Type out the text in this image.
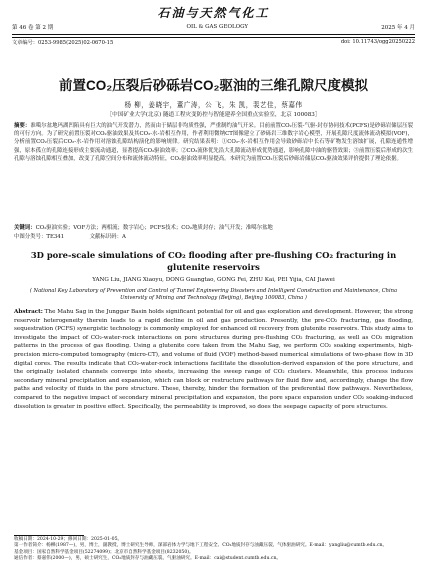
石油与天然气化工
第 46 卷 第 2 期	OIL & GAS GEOLOGY	2025 年 4 月
文章编号：0253-9985(2025)02-0670-15	doi: 10.11743/ogg20250222
前置CO₂压裂后砂砾岩CO₂驱油的三维孔隙尺度模拟
杨 柳，姜晓宇，董广涛，公 飞，朱 凯，裴艺佳，蔡嘉伟
［中国矿业大学(北京) 隧道工程灾变防控与智能建养全国重点实验室，北京 100083］
摘要：准噶尔盆地玛湖凹陷具有巨大的油气开发潜力，然而由于储层非均质性强，严重制约油气开采。目前前置CO₂压裂-气驱-封存协同技术(PCFS)是砂砾岩储层压裂的可行方向。为了研究前置压裂对CO₂驱油效果及其CO₂-水-岩相互作用，作者利用微纳CT图像建立了砂砾岩三维数字岩心模型，开展孔隙尺度流体流动模拟(VOF)，分析前置CO₂压裂后CO₂-水-岩作用对溶蚀孔隙结构演化的影响规律。研究结果表明：①CO₂-水-岩相互作用会导致砂砾岩中长石等矿物发生溶蚀扩展，孔隙连通性增强，原本孤立的孔隙连接形成主要流动通道，显著提高CO₂驱油效率；②CO₂流体优先沿大孔隙流动形成优势通道，影响孔隙中油的驱替效果；③前置压裂后形成的次生孔隙与溶蚀孔隙相互叠加，改变了孔隙空间分布和流体流动特征，CO₂驱油效率明显提高。本研究为前置CO₂压裂后砂砾岩储层CO₂驱油效果评价提供了理论依据。
关键词：CO₂驱油实验；VOF方法；两相流；数字岩心；PCFS技术；CO₂地质封存；油气开发；准噶尔盆地
中图分类号：TE341	文献标识码：A
3D pore-scale simulations of CO₂ flooding after pre-flushing CO₂ fracturing in glutenite reservoirs
YANG Liu, JIANG Xiaoyu, DONG Guangtao, GONG Fei, ZHU Kai, PEI Yijia, CAI Jiawei
( National Key Laboratory of Prevention and Control of Tunnel Engineering Disasters and Intelligent Construction and Maintenance, China University of Mining and Technology (Beijing), Beijing 100083, China )
Abstract: The Mahu Sag in the Junggar Basin holds significant potential for oil and gas exploration and development. However, the strong reservoir heterogeneity therein leads to a rapid decline in oil and gas production. Presently, the pre-CO₂ fracturing, gas flooding, sequestration (PCFS) synergistic technology is commonly employed for enhanced oil recovery from glutenite reservoirs. This study aims to investigate the impact of CO₂-water-rock interactions on pore structures during pre-flushing CO₂ fracturing, as well as CO₂ migration patterns in the process of gas flooding. Using a glutenite core taken from the Mahu Sag, we perform CO₂ soaking experiments, high-precision micro-computed tomography (micro-CT), and volume of fluid (VOF) method-based numerical simulations of two-phase flow in 3D digital cores. The results indicate that CO₂-water-rock interactions facilitate the dissolution-derived expansion of the pore structure, and the originally isolated channels converge into sheets, increasing the sweep range of CO₂ clusters. Meanwhile, this process induces secondary mineral precipitation and expansion, which can block or restructure pathways for fluid flow and, accordingly, change the flow paths and velocity of fluids in the pore structure. These, thereby, hinder the formation of the preferential flow pathways. Nevertheless, compared to the negative impact of secondary mineral precipitation and expansion, the pore space expansion under CO₂ soaking-induced dissolution is greater in positive effect. Specifically, the permeability is improved, so does the seepage capacity of pore structures.
收稿日期：2024-10-29；修回日期：2025-01-05。
第一作者简介：杨柳(1987—)，男，博士，副教授，博士研究生导师，深部岩体力学与地下工程安全、CO₂地质封存与油藏压裂、气体驱油研究。E-mail：yangliu@cumtb.edu.cn。
基金项目：国家自然科学基金项目(52274099)；北京市自然科学基金项目(8232050)。
通信作者：蔡嘉伟(2000—)，男，硕士研究生，CO₂地质封存与油藏压裂、气驱油研究。E-mail：cai@student.cumtb.edu.cn。
